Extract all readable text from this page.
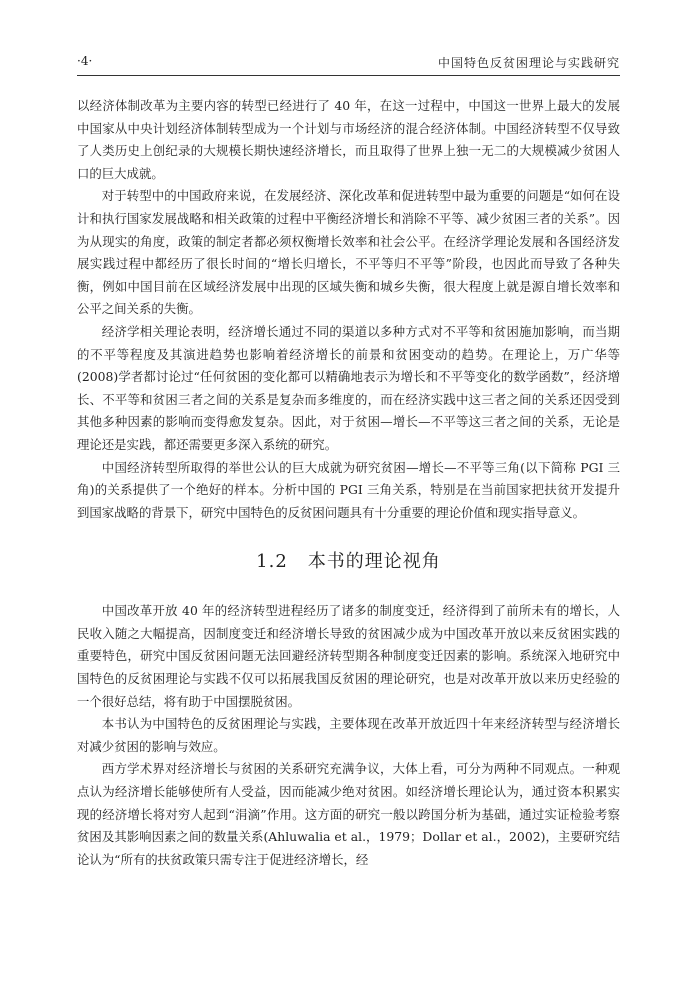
·4·	中国特色反贫困理论与实践研究

以经济体制改革为主要内容的转型已经进行了 40 年，在这一过程中，中国这一世界上最大的发展中国家从中央计划经济体制转型成为一个计划与市场经济的混合经济体制。中国经济转型不仅导致了人类历史上创纪录的大规模长期快速经济增长，而且取得了世界上独一无二的大规模减少贫困人口的巨大成就。

对于转型中的中国政府来说，在发展经济、深化改革和促进转型中最为重要的问题是“如何在设计和执行国家发展战略和相关政策的过程中平衡经济增长和消除不平等、减少贫困三者的关系”。因为从现实的角度，政策的制定者都必须权衡增长效率和社会公平。在经济学理论发展和各国经济发展实践过程中都经历了很长时间的“增长归增长，不平等归不平等”阶段，也因此而导致了各种失衡，例如中国目前在区域经济发展中出现的区域失衡和城乡失衡，很大程度上就是源自增长效率和公平之间关系的失衡。

经济学相关理论表明，经济增长通过不同的渠道以多种方式对不平等和贫困施加影响，而当期的不平等程度及其演进趋势也影响着经济增长的前景和贫困变动的趋势。在理论上，万广华等(2008)学者都讨论过“任何贫困的变化都可以精确地表示为增长和不平等变化的数学函数”，经济增长、不平等和贫困三者之间的关系是复杂而多维度的，而在经济实践中这三者之间的关系还因受到其他多种因素的影响而变得愈发复杂。因此，对于贫困—增长—不平等这三者之间的关系，无论是理论还是实践，都还需要更多深入系统的研究。

中国经济转型所取得的举世公认的巨大成就为研究贫困—增长—不平等三角(以下简称 PGI 三角)的关系提供了一个绝好的样本。分析中国的 PGI 三角关系，特别是在当前国家把扶贫开发提升到国家战略的背景下，研究中国特色的反贫困问题具有十分重要的理论价值和现实指导意义。

1.2 本书的理论视角

中国改革开放 40 年的经济转型进程经历了诸多的制度变迁，经济得到了前所未有的增长，人民收入随之大幅提高，因制度变迁和经济增长导致的贫困减少成为中国改革开放以来反贫困实践的重要特色，研究中国反贫困问题无法回避经济转型期各种制度变迁因素的影响。系统深入地研究中国特色的反贫困理论与实践不仅可以拓展我国反贫困的理论研究，也是对改革开放以来历史经验的一个很好总结，将有助于中国摆脱贫困。

本书认为中国特色的反贫困理论与实践，主要体现在改革开放近四十年来经济转型与经济增长对减少贫困的影响与效应。

西方学术界对经济增长与贫困的关系研究充满争议，大体上看，可分为两种不同观点。一种观点认为经济增长能够使所有人受益，因而能减少绝对贫困。如经济增长理论认为，通过资本积累实现的经济增长将对穷人起到“涓滴”作用。这方面的研究一般以跨国分析为基础，通过实证检验考察贫困及其影响因素之间的数量关系(Ahluwalia et al.，1979；Dollar et al.，2002)，主要研究结论认为“所有的扶贫政策只需专注于促进经济增长，经
